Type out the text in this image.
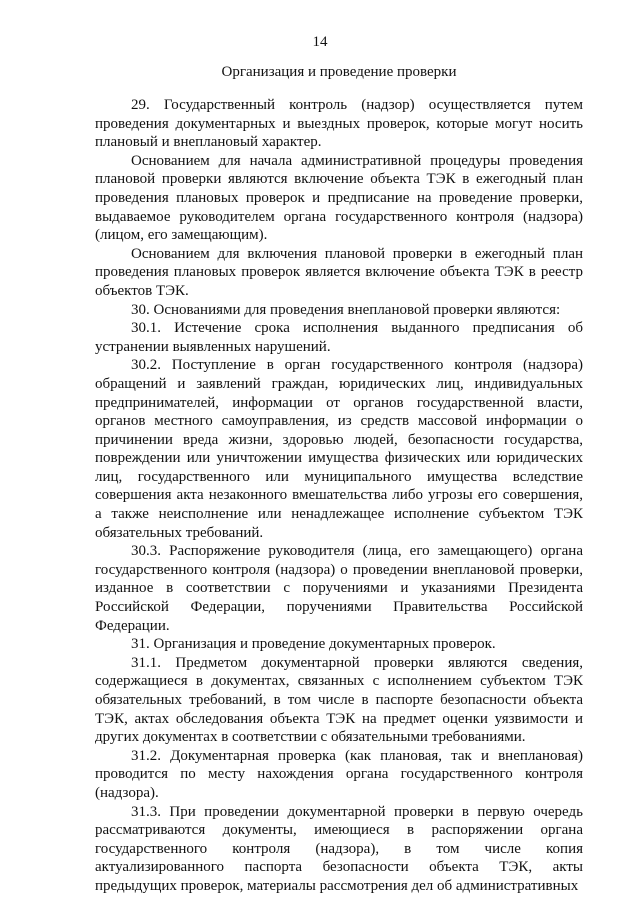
14
Организация и проведение проверки

29. Государственный контроль (надзор) осуществляется путем проведения документарных и выездных проверок, которые могут носить плановый и внеплановый характер.

Основанием для начала административной процедуры проведения плановой проверки являются включение объекта ТЭК в ежегодный план проведения плановых проверок и предписание на проведение проверки, выдаваемое руководителем органа государственного контроля (надзора) (лицом, его замещающим).

Основанием для включения плановой проверки в ежегодный план проведения плановых проверок является включение объекта ТЭК в реестр объектов ТЭК.

30. Основаниями для проведения внеплановой проверки являются:

30.1. Истечение срока исполнения выданного предписания об устранении выявленных нарушений.

30.2. Поступление в орган государственного контроля (надзора) обращений и заявлений граждан, юридических лиц, индивидуальных предпринимателей, информации от органов государственной власти, органов местного самоуправления, из средств массовой информации о причинении вреда жизни, здоровью людей, безопасности государства, повреждении или уничтожении имущества физических или юридических лиц, государственного или муниципального имущества вследствие совершения акта незаконного вмешательства либо угрозы его совершения, а также неисполнение или ненадлежащее исполнение субъектом ТЭК обязательных требований.

30.3. Распоряжение руководителя (лица, его замещающего) органа государственного контроля (надзора) о проведении внеплановой проверки, изданное в соответствии с поручениями и указаниями Президента Российской Федерации, поручениями Правительства Российской Федерации.

31. Организация и проведение документарных проверок.

31.1. Предметом документарной проверки являются сведения, содержащиеся в документах, связанных с исполнением субъектом ТЭК обязательных требований, в том числе в паспорте безопасности объекта ТЭК, актах обследования объекта ТЭК на предмет оценки уязвимости и других документах в соответствии с обязательными требованиями.

31.2. Документарная проверка (как плановая, так и внеплановая) проводится по месту нахождения органа государственного контроля (надзора).

31.3. При проведении документарной проверки в первую очередь рассматриваются документы, имеющиеся в распоряжении органа государственного контроля (надзора), в том числе копия актуализированного паспорта безопасности объекта ТЭК, акты предыдущих проверок, материалы рассмотрения дел об административных
